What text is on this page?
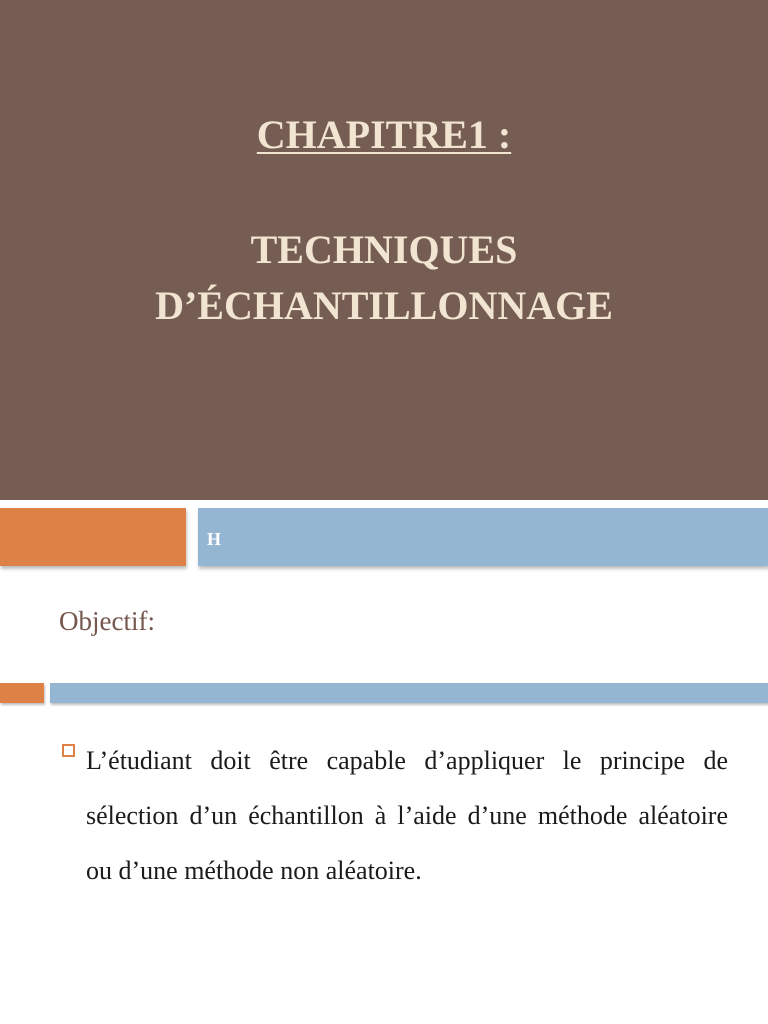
CHAPITRE1 :
TECHNIQUES
D’ÉCHANTILLONNAGE
H
Objectif:
L’étudiant doit être capable d’appliquer le principe de sélection d’un échantillon à l’aide d’une méthode aléatoire ou d’une méthode non aléatoire.
